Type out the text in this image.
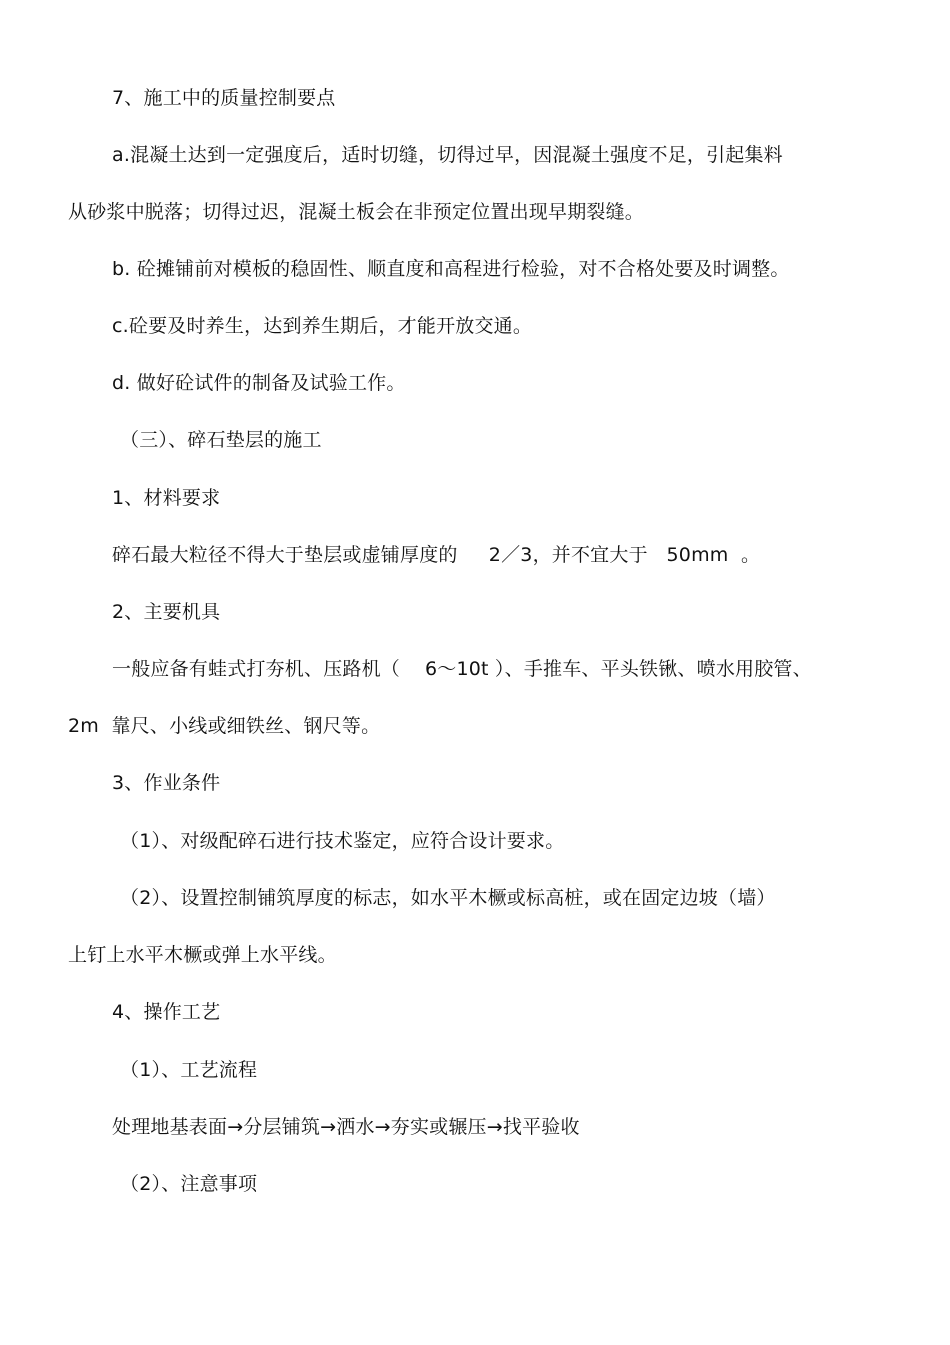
7、施工中的质量控制要点
a.混凝土达到一定强度后，适时切缝，切得过早，因混凝土强度不足，引起集料
从砂浆中脱落；切得过迟，混凝土板会在非预定位置出现早期裂缝。
b. 砼摊铺前对模板的稳固性、顺直度和高程进行检验，对不合格处要及时调整。
c.砼要及时养生，达到养生期后，才能开放交通。
d. 做好砼试件的制备及试验工作。
（三）、碎石垫层的施工
1、材料要求
碎石最大粒径不得大于垫层或虚铺厚度的     2／3，并不宜大于   50mm  。
2、主要机具
一般应备有蛙式打夯机、压路机（    6～10t ）、手推车、平头铁锹、喷水用胶管、
2m  靠尺、小线或细铁丝、钢尺等。
3、作业条件
（1）、对级配碎石进行技术鉴定，应符合设计要求。
（2）、设置控制铺筑厚度的标志，如水平木橛或标高桩，或在固定边坡（墙）
上钉上水平木橛或弹上水平线。
4、操作工艺
（1）、工艺流程
处理地基表面→分层铺筑→洒水→夯实或辗压→找平验收
（2）、注意事项
